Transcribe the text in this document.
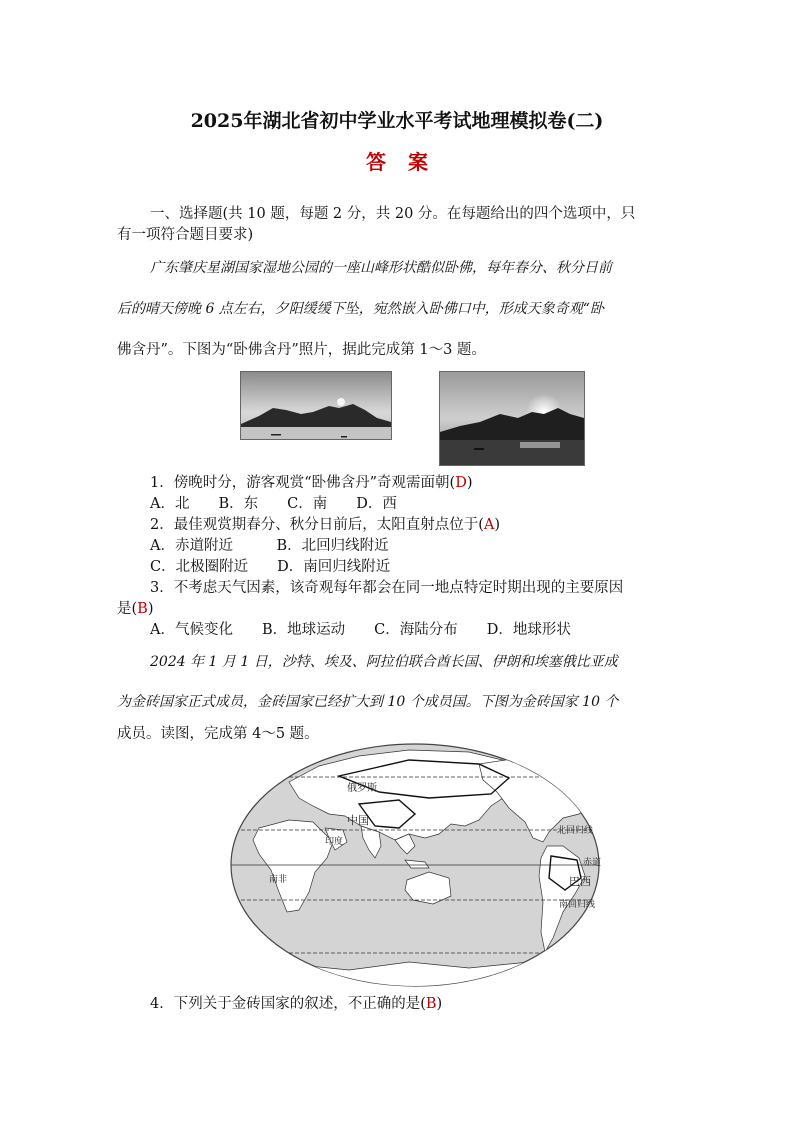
2025年湖北省初中学业水平考试地理模拟卷(二)
答案
一、选择题(共 10 题，每题 2 分，共 20 分。在每题给出的四个选项中，只
有一项符合题目要求)
广东肇庆星湖国家湿地公园的一座山峰形状酷似卧佛，每年春分、秋分日前
后的晴天傍晚 6 点左右，夕阳缓缓下坠，宛然嵌入卧佛口中，形成天象奇观“卧
佛含丹”。下图为“卧佛含丹”照片，据此完成第 1～3 题。
1．傍晚时分，游客观赏“卧佛含丹”奇观需面朝(D)
A．北　　B．东　　C．南　　D．西
2．最佳观赏期春分、秋分日前后，太阳直射点位于(A)
A．赤道附近　　　B．北回归线附近
C．北极圈附近　　D．南回归线附近
3．不考虑天气因素，该奇观每年都会在同一地点特定时期出现的主要原因
是(B)
A．气候变化　　B．地球运动　　C．海陆分布　　D．地球形状
2024 年 1 月 1 日，沙特、埃及、阿拉伯联合酋长国、伊朗和埃塞俄比亚成
为金砖国家正式成员，金砖国家已经扩大到 10 个成员国。下图为金砖国家 10 个
成员。读图，完成第 4～5 题。
俄罗斯
中国
印度
南非	巴西
北回归线
赤道
南回归线
4．下列关于金砖国家的叙述，不正确的是(B)
